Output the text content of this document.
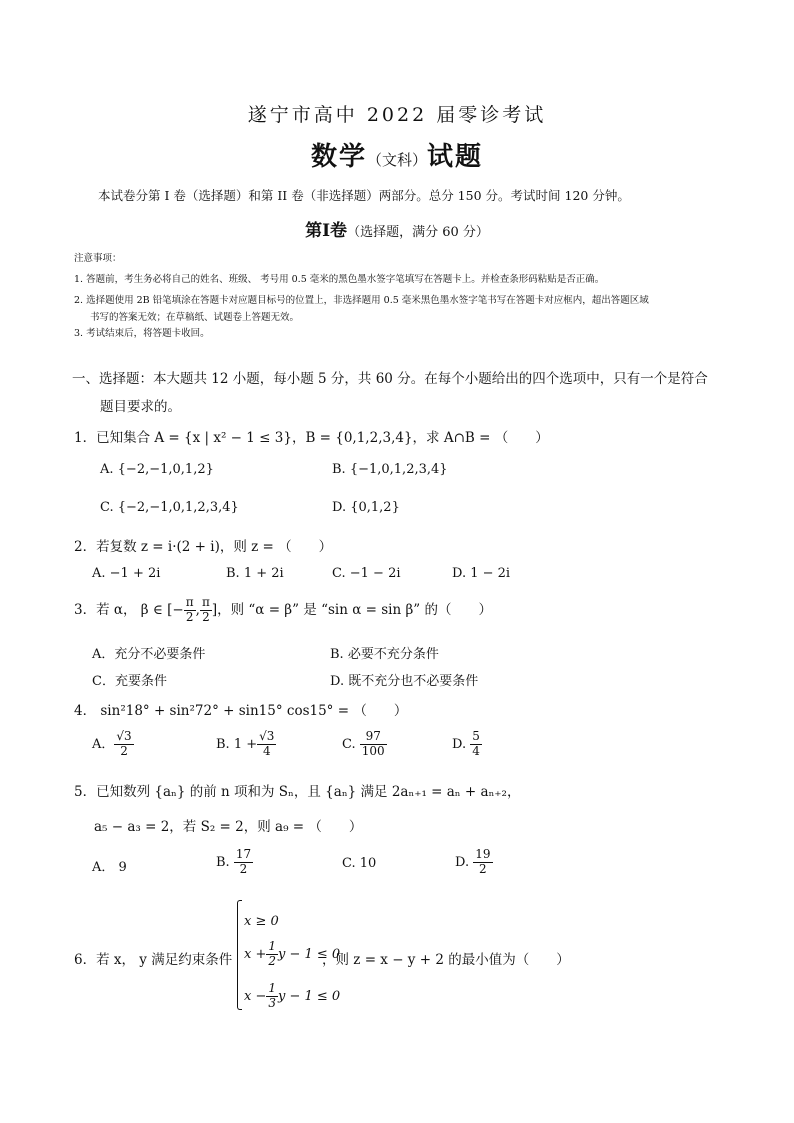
遂宁市高中 2022 届零诊考试
数学（文科）试题
本试卷分第 I 卷（选择题）和第 II 卷（非选择题）两部分。总分 150 分。考试时间 120 分钟。
第Ⅰ卷（选择题，满分 60 分）
注意事项：
1. 答题前，考生务必将自己的姓名、班级、 考号用 0.5 毫米的黑色墨水签字笔填写在答题卡上。并检查条形码粘贴是否正确。
2. 选择题使用 2B 铅笔填涂在答题卡对应题目标号的位置上，非选择题用 0.5 毫米黑色墨水签字笔书写在答题卡对应框内，超出答题区域
书写的答案无效；在草稿纸、试题卷上答题无效。
3. 考试结束后，将答题卡收回。
一、选择题：本大题共 12 小题，每小题 5 分，共 60 分。在每个小题给出的四个选项中，只有一个是符合
题目要求的。
1．已知集合 A = {x | x² − 1 ≤ 3}，B = {0,1,2,3,4}，求 A∩B = （　　）
A. {−2,−1,0,1,2}	B. {−1,0,1,2,3,4}
C. {−2,−1,0,1,2,3,4}	D. {0,1,2}
2．若复数 z = i·(2 + i)，则 z = （　　）
A. −1 + 2i	B. 1 + 2i	C. −1 − 2i	D. 1 − 2i
3．若 α， β ∈ [− $\frac{\pi}{2}$ , $\frac{\pi}{2}$ ]，则 “α = β” 是 “sin α = sin β” 的（　　）
A．充分不必要条件	B. 必要不充分条件
C．充要条件	D. 既不充分也不必要条件
4． sin²18° + sin²72° + sin15° cos15° = （　　）
A． $\frac{√3}{2}$	B. $1 + \frac{√3}{4}$	C. $\frac{97}{100}$	D. $\frac{5}{4}$
5．已知数列 {aₙ} 的前 n 项和为 Sₙ，且 {aₙ} 满足 2aₙ₊₁ = aₙ + aₙ₊₂，
a₅ − a₃ = 2，若 S₂ = 2，则 a₉ = （　　）
A． 9	B. $\frac{17}{2}$	C. 10	D. $\frac{19}{2}$
6．若 x， y 满足约束条件
x ≥ 0
$x + \frac{1}{2}$ y − 1 ≤ 0
$x - \frac{1}{3}$ y − 1 ≤ 0
，则 z = x − y + 2 的最小值为（　　）
